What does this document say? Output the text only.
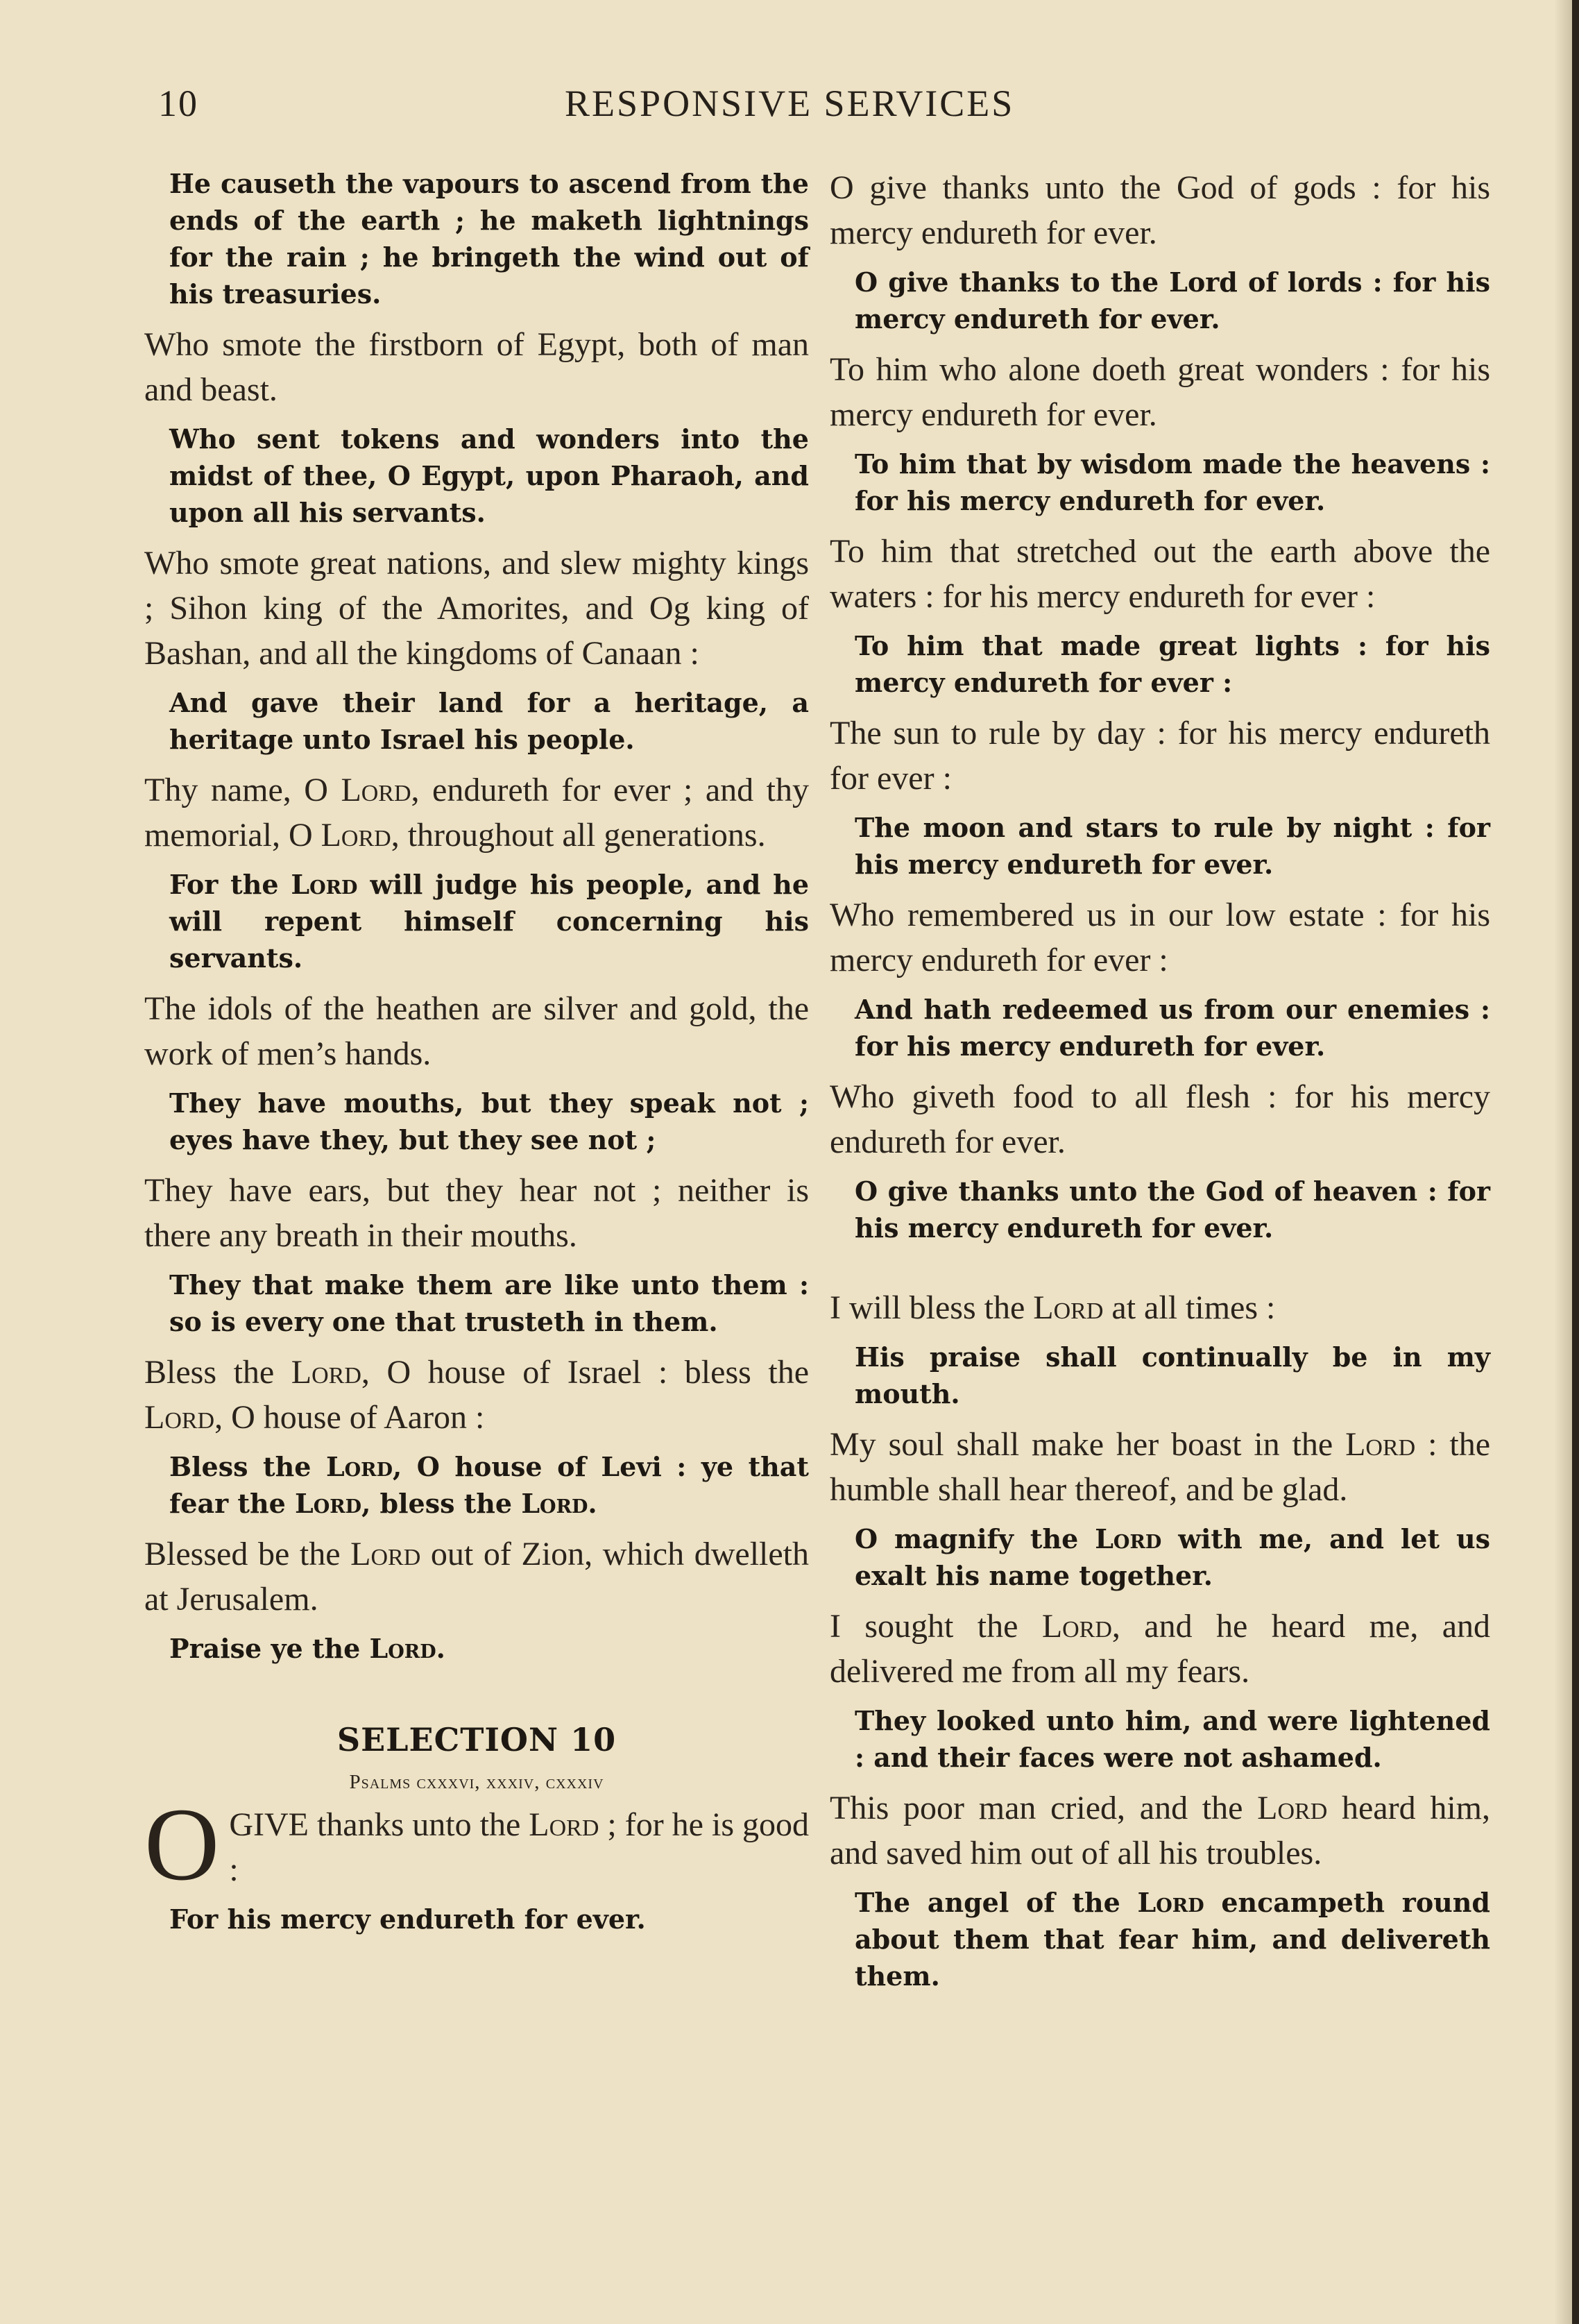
10	RESPONSIVE SERVICES

He causeth the vapours to ascend from the ends of the earth ; he maketh lightnings for the rain ; he bringeth the wind out of his treasuries.

Who smote the firstborn of Egypt, both of man and beast.

Who sent tokens and wonders into the midst of thee, O Egypt, upon Pharaoh, and upon all his servants.

Who smote great nations, and slew mighty kings ; Sihon king of the Amorites, and Og king of Bashan, and all the kingdoms of Canaan :

And gave their land for a heritage, a heritage unto Israel his people.

Thy name, O Lord, endureth for ever ; and thy memorial, O Lord, throughout all generations.

For the Lord will judge his people, and he will repent himself concerning his servants.

The idols of the heathen are silver and gold, the work of men’s hands.

They have mouths, but they speak not ; eyes have they, but they see not ;

They have ears, but they hear not ; neither is there any breath in their mouths.

They that make them are like unto them : so is every one that trusteth in them.

Bless the Lord, O house of Israel : bless the Lord, O house of Aaron :

Bless the Lord, O house of Levi : ye that fear the Lord, bless the Lord.

Blessed be the Lord out of Zion, which dwelleth at Jerusalem.

Praise ye the Lord.

SELECTION 10
Psalms cxxxvi, xxxiv, cxxxiv
O GIVE thanks unto the Lord ; for he is good :

For his mercy endureth for ever.

O give thanks unto the God of gods : for his mercy endureth for ever.

O give thanks to the Lord of lords : for his mercy endureth for ever.

To him who alone doeth great wonders : for his mercy endureth for ever.

To him that by wisdom made the heavens : for his mercy endureth for ever.

To him that stretched out the earth above the waters : for his mercy endureth for ever :

To him that made great lights : for his mercy endureth for ever :

The sun to rule by day : for his mercy endureth for ever :

The moon and stars to rule by night : for his mercy endureth for ever.

Who remembered us in our low estate : for his mercy endureth for ever :

And hath redeemed us from our enemies : for his mercy endureth for ever.

Who giveth food to all flesh : for his mercy endureth for ever.

O give thanks unto the God of heaven : for his mercy endureth for ever.

I will bless the Lord at all times :

His praise shall continually be in my mouth.

My soul shall make her boast in the Lord : the humble shall hear thereof, and be glad.

O magnify the Lord with me, and let us exalt his name together.

I sought the Lord, and he heard me, and delivered me from all my fears.

They looked unto him, and were lightened : and their faces were not ashamed.

This poor man cried, and the Lord heard him, and saved him out of all his troubles.

The angel of the Lord encampeth round about them that fear him, and delivereth them.
